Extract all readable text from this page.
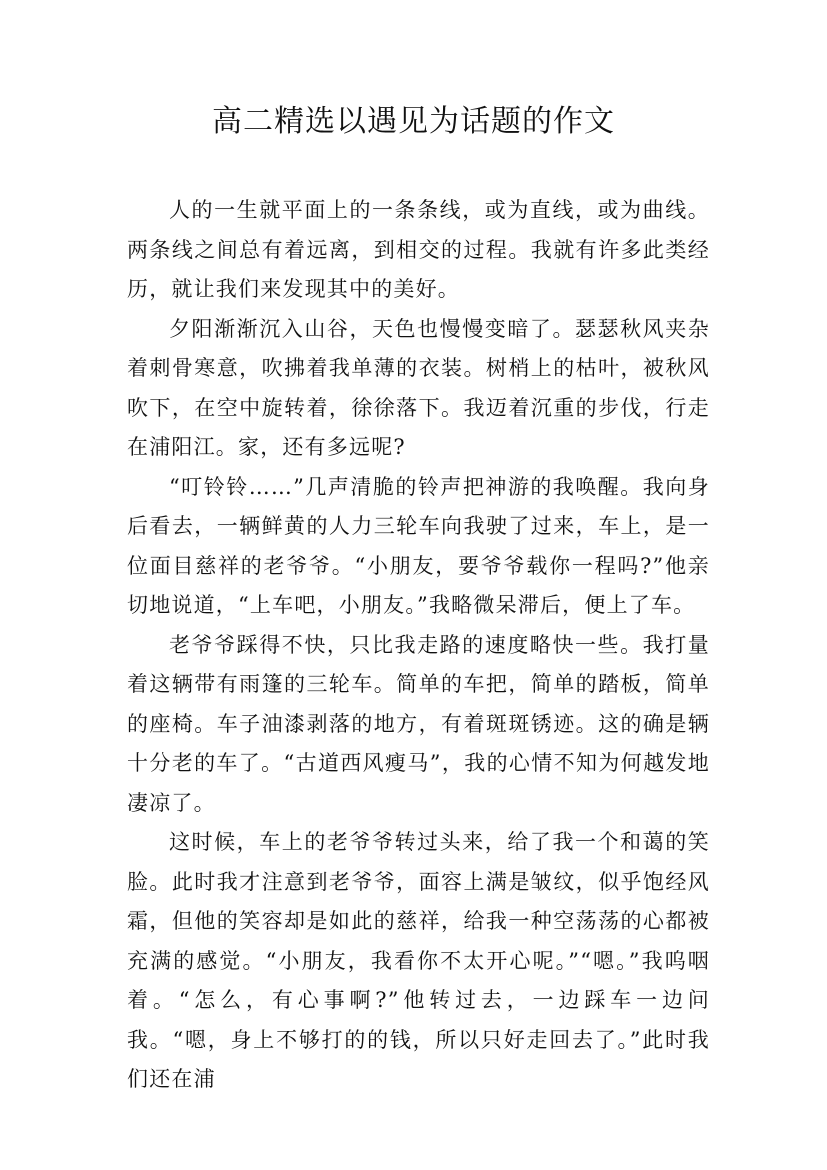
高二精选以遇见为话题的作文

人的一生就平面上的一条条线，或为直线，或为曲线。两条线之间总有着远离，到相交的过程。我就有许多此类经历，就让我们来发现其中的美好。

夕阳渐渐沉入山谷，天色也慢慢变暗了。瑟瑟秋风夹杂着刺骨寒意，吹拂着我单薄的衣装。树梢上的枯叶，被秋风吹下，在空中旋转着，徐徐落下。我迈着沉重的步伐，行走在浦阳江。家，还有多远呢?

“叮铃铃……”几声清脆的铃声把神游的我唤醒。我向身后看去，一辆鲜黄的人力三轮车向我驶了过来，车上，是一位面目慈祥的老爷爷。“小朋友，要爷爷载你一程吗?”他亲切地说道，“上车吧，小朋友。”我略微呆滞后，便上了车。

老爷爷踩得不快，只比我走路的速度略快一些。我打量着这辆带有雨篷的三轮车。简单的车把，简单的踏板，简单的座椅。车子油漆剥落的地方，有着斑斑锈迹。这的确是辆十分老的车了。“古道西风瘦马”，我的心情不知为何越发地凄凉了。

这时候，车上的老爷爷转过头来，给了我一个和蔼的笑脸。此时我才注意到老爷爷，面容上满是皱纹，似乎饱经风霜，但他的笑容却是如此的慈祥，给我一种空荡荡的心都被充满的感觉。“小朋友，我看你不太开心呢。”“嗯。”我呜咽着。“怎么，有心事啊?”他转过去，一边踩车一边问我。“嗯，身上不够打的的钱，所以只好走回去了。”此时我们还在浦
